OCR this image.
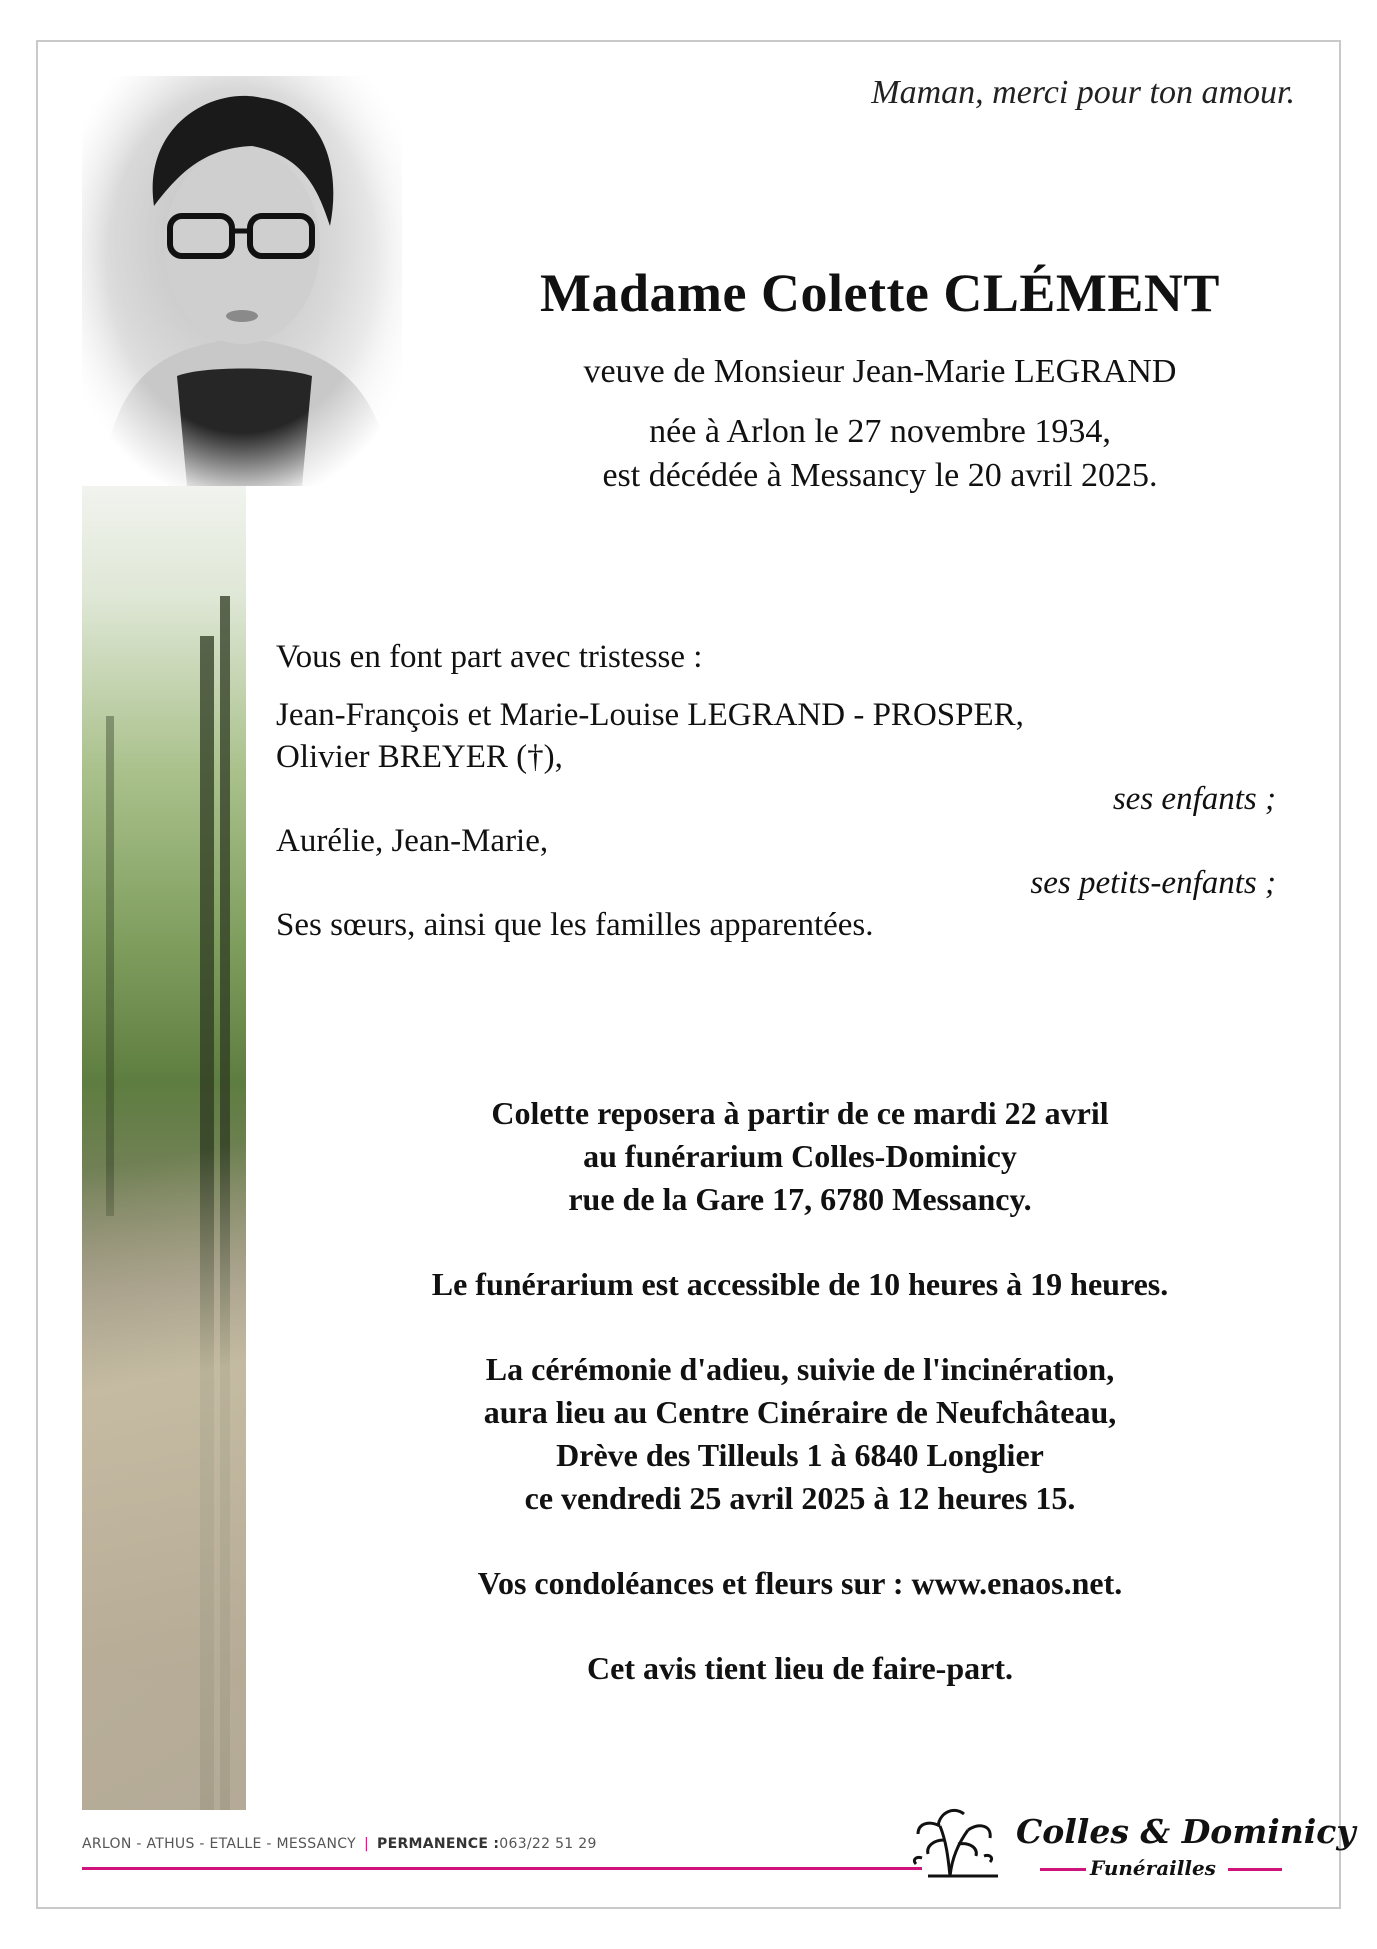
Maman, merci pour ton amour.
Madame Colette CLÉMENT
veuve de Monsieur Jean-Marie LEGRAND
née à Arlon le 27 novembre 1934,
est décédée à Messancy le 20 avril 2025.
Vous en font part avec tristesse :
Jean-François et Marie-Louise LEGRAND - PROSPER,
Olivier BREYER (†),
ses enfants ;
Aurélie, Jean-Marie,
ses petits-enfants ;
Ses sœurs, ainsi que les familles apparentées.
Colette reposera à partir de ce mardi 22 avril
au funérarium Colles-Dominicy
rue de la Gare 17, 6780 Messancy.
Le funérarium est accessible de 10 heures à 19 heures.
La cérémonie d'adieu, suivie de l'incinération,
aura lieu au Centre Cinéraire de Neufchâteau,
Drève des Tilleuls 1 à 6840 Longlier
ce vendredi 25 avril 2025 à 12 heures 15.
Vos condoléances et fleurs sur : www.enaos.net.
Cet avis tient lieu de faire-part.
ARLON - ATHUS - ETALLE - MESSANCY | PERMANENCE :063/22 51 29	Colles & Dominicy
Funérailles
